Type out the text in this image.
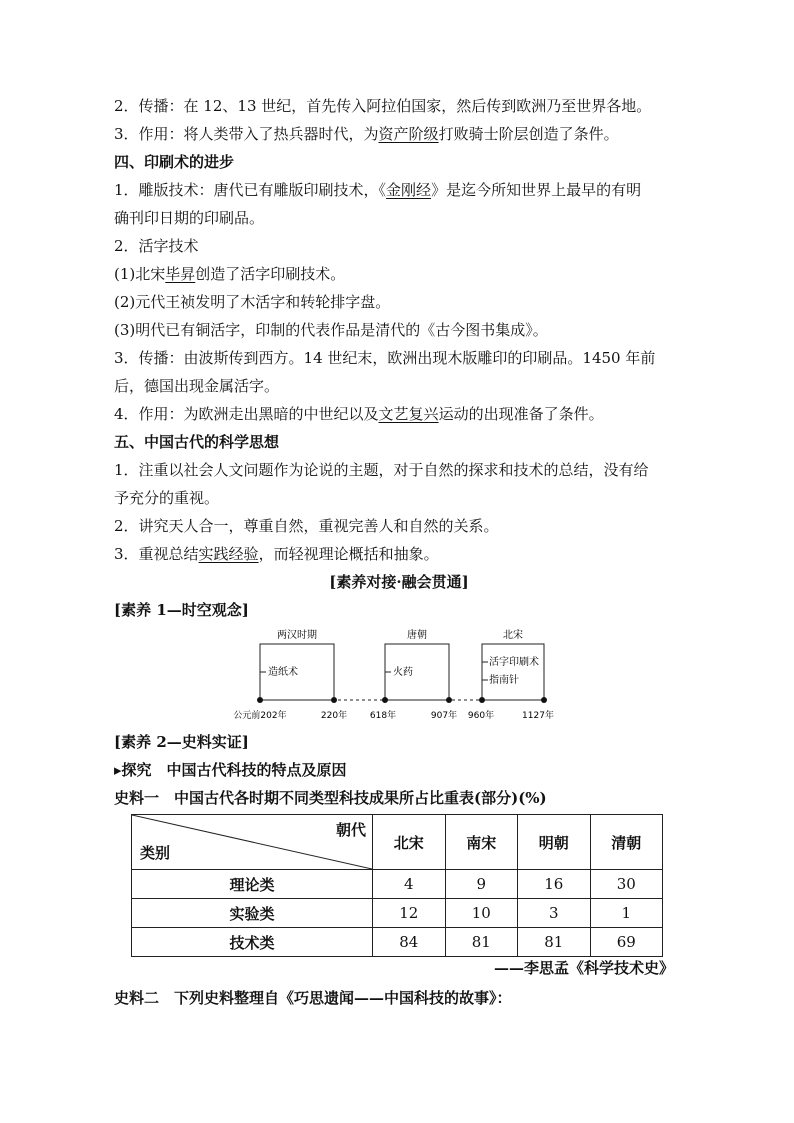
2．传播：在 12、13 世纪，首先传入阿拉伯国家，然后传到欧洲乃至世界各地。
3．作用：将人类带入了热兵器时代，为资产阶级打败骑士阶层创造了条件。
四、印刷术的进步
1．雕版技术：唐代已有雕版印刷技术，《金刚经》是迄今所知世界上最早的有明
确刊印日期的印刷品。
2．活字技术
(1)北宋毕昇创造了活字印刷技术。
(2)元代王祯发明了木活字和转轮排字盘。
(3)明代已有铜活字，印制的代表作品是清代的《古今图书集成》。
3．传播：由波斯传到西方。14 世纪末，欧洲出现木版雕印的印刷品。1450 年前
后，德国出现金属活字。
4．作用：为欧洲走出黑暗的中世纪以及文艺复兴运动的出现准备了条件。
五、中国古代的科学思想
1．注重以社会人文问题作为论说的主题，对于自然的探求和技术的总结，没有给
予充分的重视。
2．讲究天人合一，尊重自然，重视完善人和自然的关系。
3．重视总结实践经验，而轻视理论概括和抽象。
[素养对接·融会贯通]
[素养 1—时空观念]
两汉时期	唐朝	北宋
造纸术	火药
活字印刷术
指南针
公元前202年	220年	618年	907年 960年	1127年
[素养 2—史料实证]
▸探究　中国古代科技的特点及原因
史料一　中国古代各时期不同类型科技成果所占比重表(部分)(%)
朝代
类别	北宋	南宋	明朝	清朝
理论类	4	9	16	30
实验类	12	10	3	1
技术类	84	81	81	69
——李思孟《科学技术史》
史料二　下列史料整理自《巧思遗闻——中国科技的故事》：
